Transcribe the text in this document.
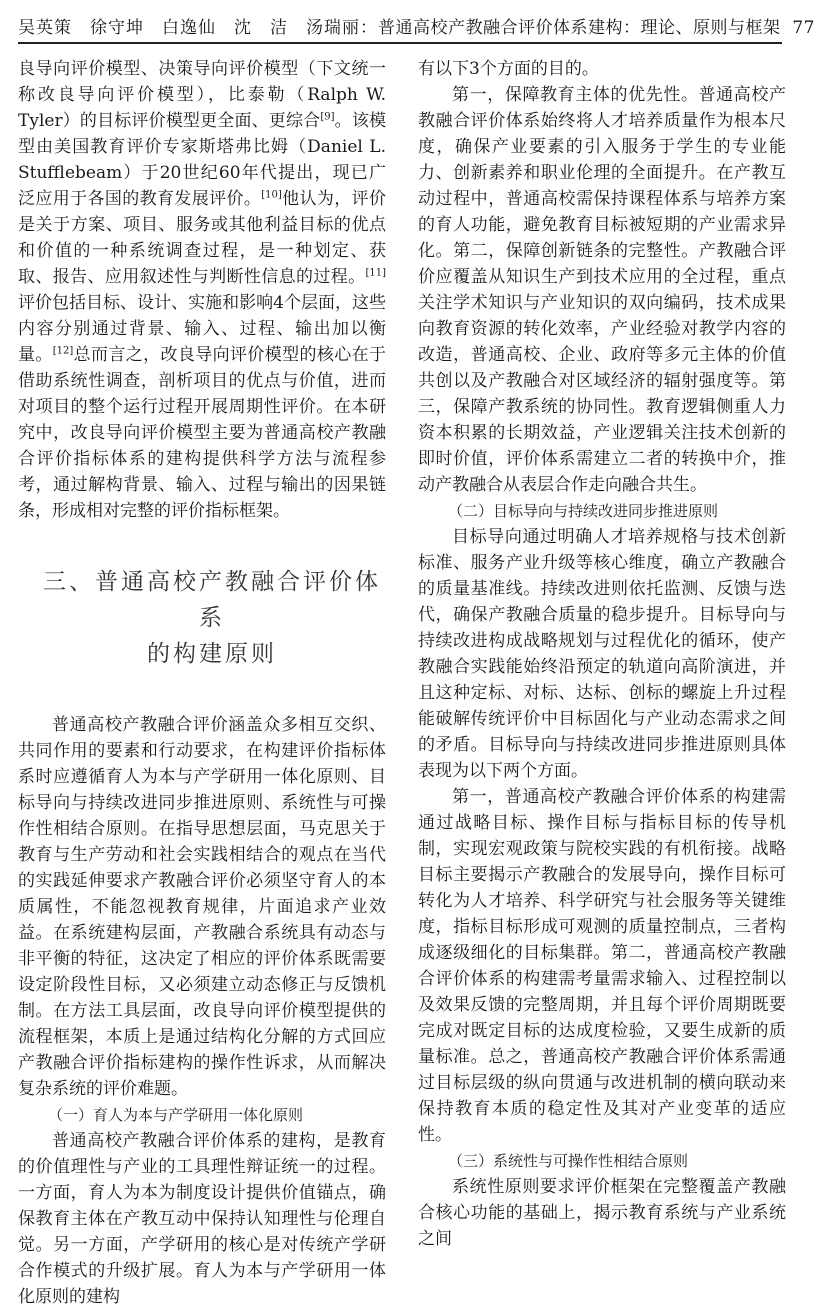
吴英策　徐守坤　白逸仙　沈　洁　汤瑞丽： 普通高校产教融合评价体系建构：理论、原则与框架 77

良导向评价模型、决策导向评价模型（下文统一称改良导向评价模型），比泰勒（Ralph W. Tyler）的目标评价模型更全面、更综合[9]。该模型由美国教育评价专家斯塔弗比姆（Daniel L. Stufflebeam）于20世纪60年代提出，现已广泛应用于各国的教育发展评价。[10]他认为，评价是关于方案、项目、服务或其他利益目标的优点和价值的一种系统调查过程，是一种划定、获取、报告、应用叙述性与判断性信息的过程。[11]评价包括目标、设计、实施和影响4个层面，这些内容分别通过背景、输入、过程、输出加以衡量。[12]总而言之，改良导向评价模型的核心在于借助系统性调查，剖析项目的优点与价值，进而对项目的整个运行过程开展周期性评价。在本研究中，改良导向评价模型主要为普通高校产教融合评价指标体系的建构提供科学方法与流程参考，通过解构背景、输入、过程与输出的因果链条，形成相对完整的评价指标框架。

三、普通高校产教融合评价体系
的构建原则

普通高校产教融合评价涵盖众多相互交织、共同作用的要素和行动要求，在构建评价指标体系时应遵循育人为本与产学研用一体化原则、目标导向与持续改进同步推进原则、系统性与可操作性相结合原则。在指导思想层面，马克思关于教育与生产劳动和社会实践相结合的观点在当代的实践延伸要求产教融合评价必须坚守育人的本质属性，不能忽视教育规律，片面追求产业效益。在系统建构层面，产教融合系统具有动态与非平衡的特征，这决定了相应的评价体系既需要设定阶段性目标，又必须建立动态修正与反馈机制。在方法工具层面，改良导向评价模型提供的流程框架，本质上是通过结构化分解的方式回应产教融合评价指标建构的操作性诉求，从而解决复杂系统的评价难题。

（一）育人为本与产学研用一体化原则

普通高校产教融合评价体系的建构，是教育的价值理性与产业的工具理性辩证统一的过程。一方面，育人为本为制度设计提供价值锚点，确保教育主体在产教互动中保持认知理性与伦理自觉。另一方面，产学研用的核心是对传统产学研合作模式的升级扩展。育人为本与产学研用一体化原则的建构

有以下3个方面的目的。

第一，保障教育主体的优先性。普通高校产教融合评价体系始终将人才培养质量作为根本尺度，确保产业要素的引入服务于学生的专业能力、创新素养和职业伦理的全面提升。在产教互动过程中，普通高校需保持课程体系与培养方案的育人功能，避免教育目标被短期的产业需求异化。第二，保障创新链条的完整性。产教融合评价应覆盖从知识生产到技术应用的全过程，重点关注学术知识与产业知识的双向编码，技术成果向教育资源的转化效率，产业经验对教学内容的改造，普通高校、企业、政府等多元主体的价值共创以及产教融合对区域经济的辐射强度等。第三，保障产教系统的协同性。教育逻辑侧重人力资本积累的长期效益，产业逻辑关注技术创新的即时价值，评价体系需建立二者的转换中介，推动产教融合从表层合作走向融合共生。

（二）目标导向与持续改进同步推进原则

目标导向通过明确人才培养规格与技术创新标准、服务产业升级等核心维度，确立产教融合的质量基准线。持续改进则依托监测、反馈与迭代，确保产教融合质量的稳步提升。目标导向与持续改进构成战略规划与过程优化的循环，使产教融合实践能始终沿预定的轨道向高阶演进，并且这种定标、对标、达标、创标的螺旋上升过程能破解传统评价中目标固化与产业动态需求之间的矛盾。目标导向与持续改进同步推进原则具体表现为以下两个方面。

第一，普通高校产教融合评价体系的构建需通过战略目标、操作目标与指标目标的传导机制，实现宏观政策与院校实践的有机衔接。战略目标主要揭示产教融合的发展导向，操作目标可转化为人才培养、科学研究与社会服务等关键维度，指标目标形成可观测的质量控制点，三者构成逐级细化的目标集群。第二，普通高校产教融合评价体系的构建需考量需求输入、过程控制以及效果反馈的完整周期，并且每个评价周期既要完成对既定目标的达成度检验，又要生成新的质量标准。总之，普通高校产教融合评价体系需通过目标层级的纵向贯通与改进机制的横向联动来保持教育本质的稳定性及其对产业变革的适应性。

（三）系统性与可操作性相结合原则

系统性原则要求评价框架在完整覆盖产教融合核心功能的基础上，揭示教育系统与产业系统之间
